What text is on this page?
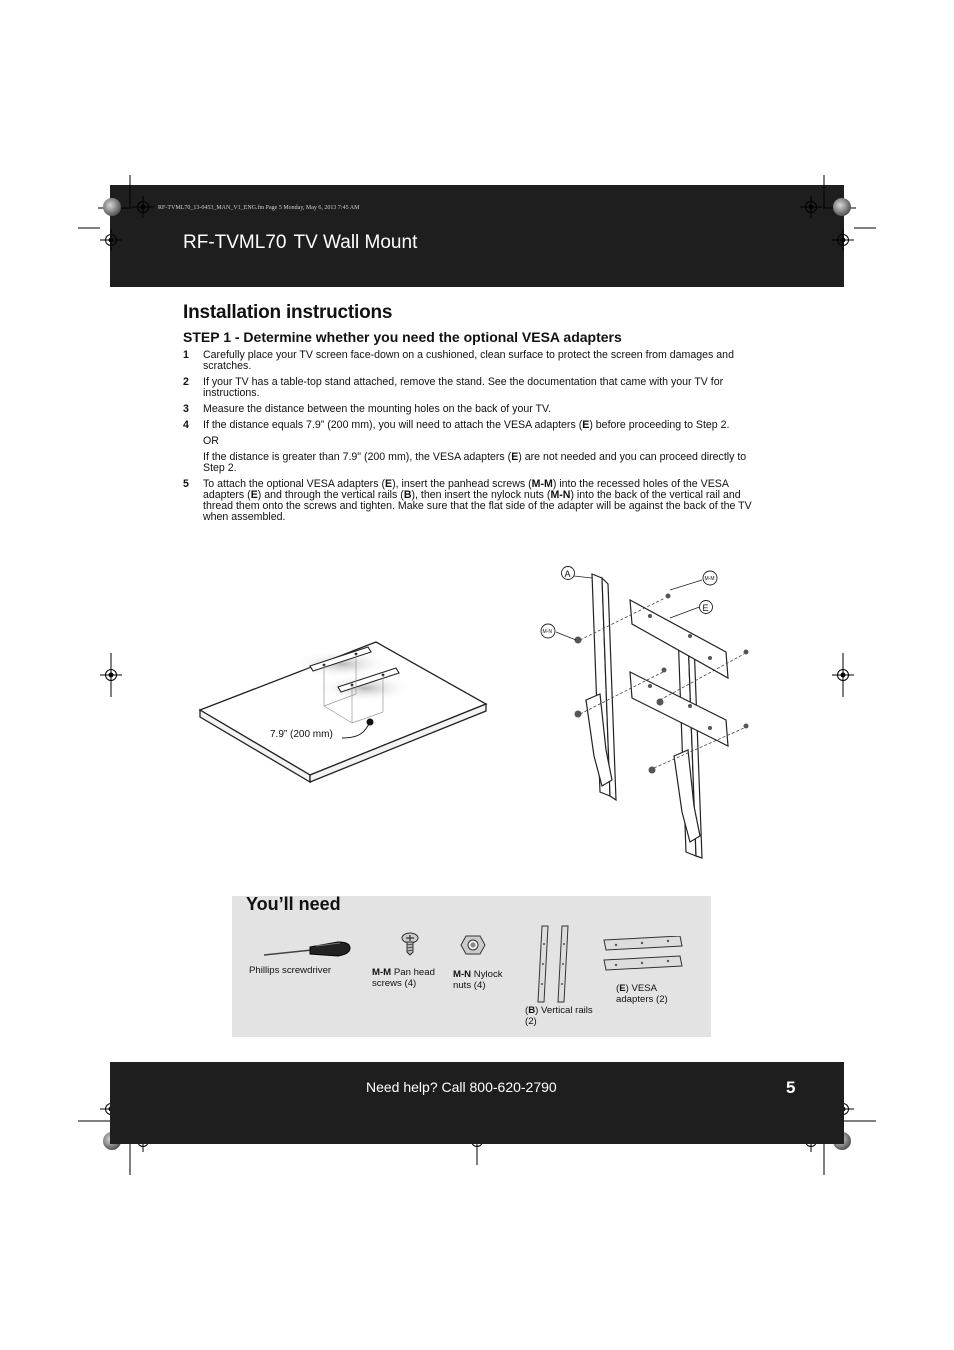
RF-TVML70_13-0453_MAN_V1_ENG.fm Page 5 Monday, May 6, 2013 7:45 AM
RF-TVML70 TV Wall Mount
Installation instructions
STEP 1 - Determine whether you need the optional VESA adapters
1 Carefully place your TV screen face-down on a cushioned, clean surface to protect the screen from damages and scratches.

2 If your TV has a table-top stand attached, remove the stand. See the documentation that came with your TV for instructions.

3 Measure the distance between the mounting holes on the back of your TV.

4 If the distance equals 7.9” (200 mm), you will need to attach the VESA adapters (E) before proceeding to Step 2.

OR

If the distance is greater than 7.9" (200 mm), the VESA adapters (E) are not needed and you can proceed directly to Step 2.

5 To attach the optional VESA adapters (E), insert the panhead screws (M-M) into the recessed holes of the VESA adapters (E) and through the vertical rails (B), then insert the nylock nuts (M-N) into the back of the vertical rail and thread them onto the screws and tighten. Make sure that the flat side of the adapter will be against the back of the TV when assembled.

7.9” (200 mm)
A
E
M-M
M-N
You’ll need
Phillips screwdriver	M-M Pan head screws (4)
M-N Nylock nuts (4)
(B) Vertical rails (2)
(E) VESA adapters (2)
Need help? Call 800-620-2790	5
